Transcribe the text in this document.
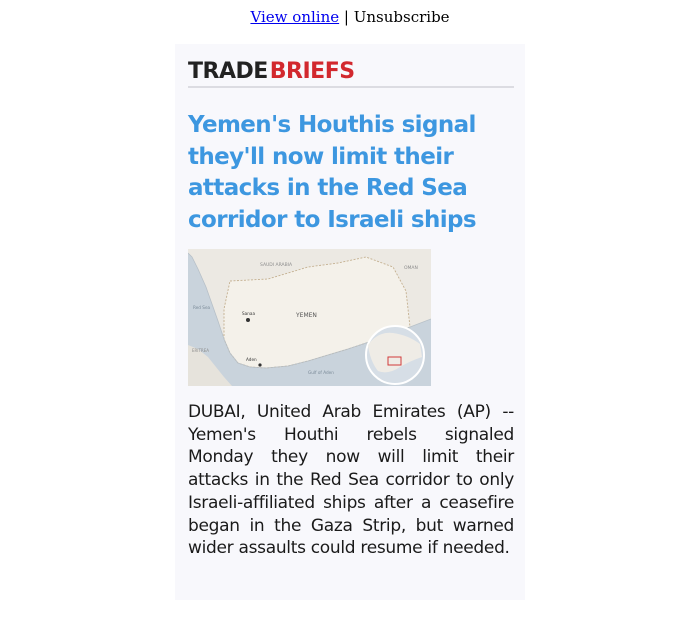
View online | Unsubscribe
TRADE BRIEFS
Yemen's Houthis signal they'll now limit their attacks in the Red Sea corridor to Israeli ships
SAUDI ARABIA
OMAN
YEMEN
Sanaa
Aden
Gulf of Aden
Red Sea
ERITREA

DUBAI, United Arab Emirates (AP) -- Yemen's Houthi rebels signaled Monday they now will limit their attacks in the Red Sea corridor to only Israeli-affiliated ships after a ceasefire began in the Gaza Strip, but warned wider assaults could resume if needed.
